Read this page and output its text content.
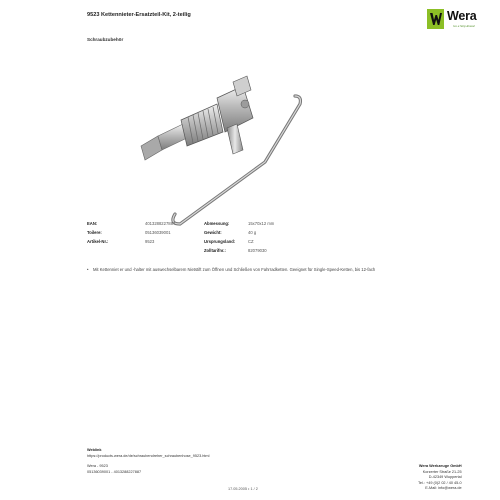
9523 Kettennieter-Ersatzteil-Kit, 2-teilig
Schraubzubehör
Wera
Go a Step Ahead
EAN:	4013288227887
Toilere:	05136039001
Artikel-Nr.:	9523
Abmessung:	15x70x12 mm
Gewicht:	40 g
Ursprungsland:	CZ
Zolltarifnr.:	82079030
• Mit Kettenniet er und -halter mit auswechselbarem Nietstift zum Öffnen und Schließen von Fahrradketten. Geeignet für Single-Speed-Ketten, bis 12-fach
Weblink
https://products.wera.de/de/schraubendreher_schraubenhose_9523.html
Wera - 9523
05136039001 - 4013288227887
Wera Werkzeuge GmbH
Korzerter Straße 21-25
D-42349 Wuppertal
Tel.: +49 (0)2 02 / 40 45-0
E-Mail: info@wera.de
17.05.2005 • 1 / 2
